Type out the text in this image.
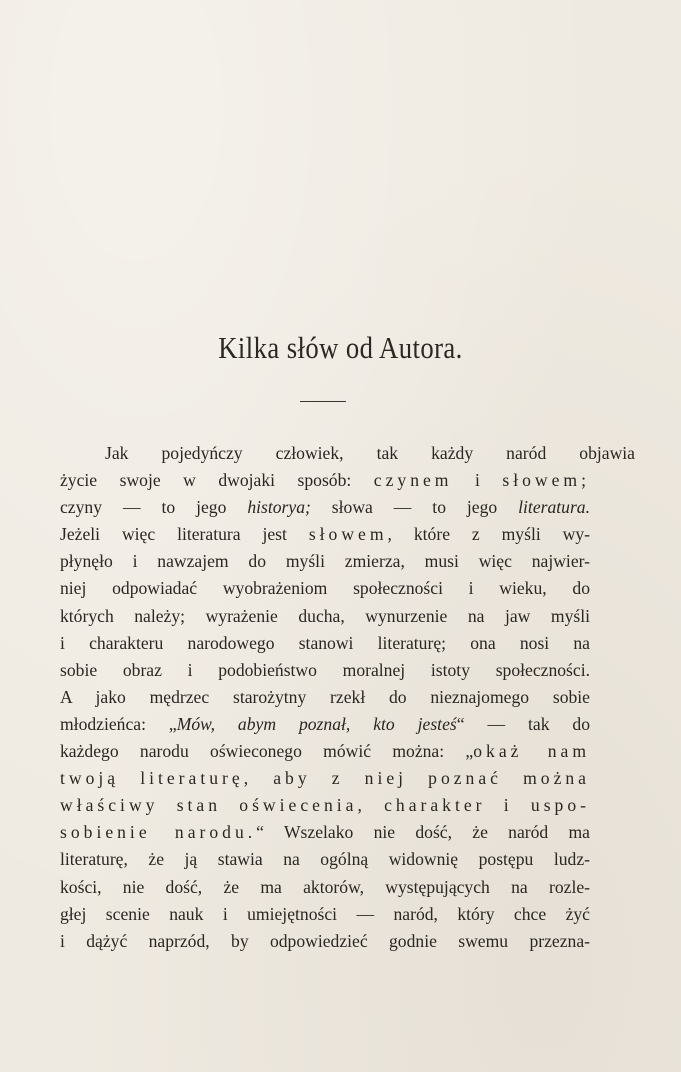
Kilka słów od Autora.
Jak pojedyńczy człowiek, tak każdy naród objawia
życie swoje w dwojaki sposób: czynem i słowem;
czyny — to jego historya; słowa — to jego literatura.
Jeżeli więc literatura jest słowem, które z myśli wy-
płynęło i nawzajem do myśli zmierza, musi więc najwier-
niej odpowiadać wyobrażeniom społeczności i wieku, do
których należy; wyrażenie ducha, wynurzenie na jaw myśli
i charakteru narodowego stanowi literaturę; ona nosi na
sobie obraz i podobieństwo moralnej istoty społeczności.
A jako mędrzec starożytny rzekł do nieznajomego sobie
młodzieńca: „Mów, abym poznał, kto jesteś“ — tak do
każdego narodu oświeconego mówić można: „okaż nam
twoją literaturę, aby z niej poznać można
właściwy stan oświecenia, charakter i uspo-
sobienie narodu.“ Wszelako nie dość, że naród ma
literaturę, że ją stawia na ogólną widownię postępu ludz-
kości, nie dość, że ma aktorów, występujących na rozle-
głej scenie nauk i umiejętności — naród, który chce żyć
i dążyć naprzód, by odpowiedzieć godnie swemu przezna-
